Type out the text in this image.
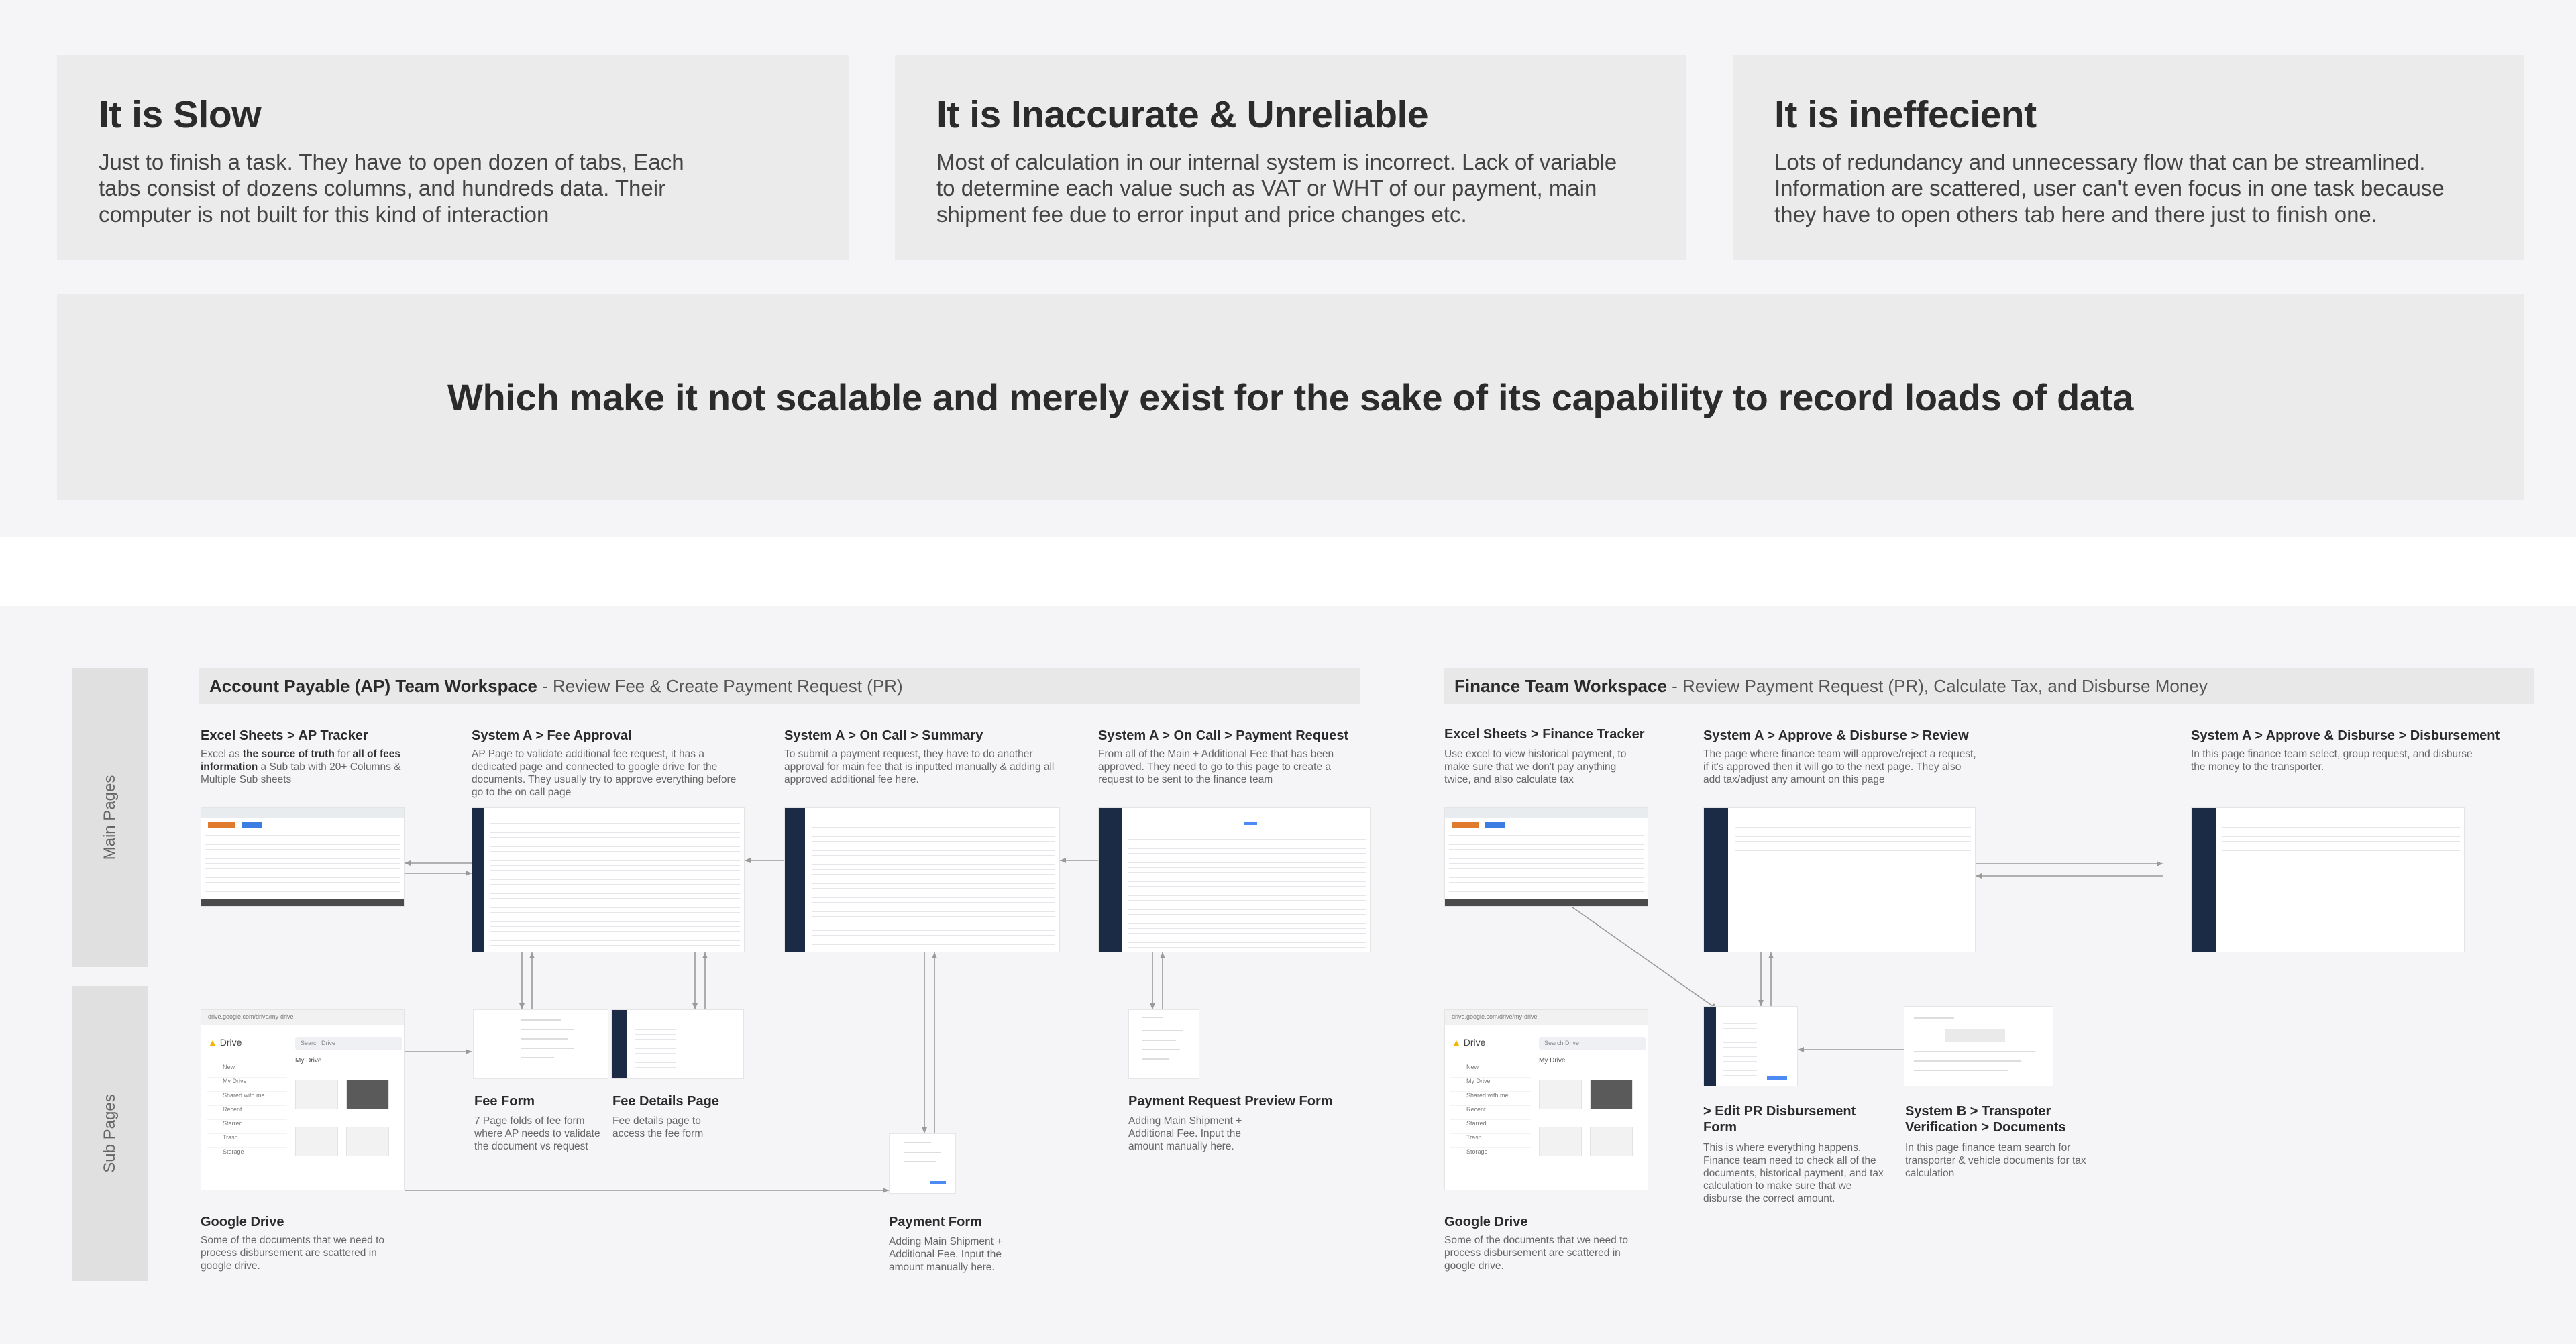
It is Slow
Just to finish a task. They have to open dozen of tabs, Each
tabs consist of dozens columns, and hundreds data. Their
computer is not built for this kind of interaction
It is Inaccurate & Unreliable
Most of calculation in our internal system is incorrect. Lack of variable
to determine each value such as VAT or WHT of our payment, main
shipment fee due to error input and price changes etc.
It is ineffecient
Lots of redundancy and unnecessary flow that can be streamlined.
Information are scattered, user can't even focus in one task because
they have to open others tab here and there just to finish one.
Which make it not scalable and merely exist for the sake of its capability to record loads of data
Main Pages
Sub Pages
Account Payable (AP) Team Workspace - Review Fee & Create Payment Request (PR)	Finance Team Workspace - Review Payment Request (PR), Calculate Tax, and Disburse Money
Excel Sheets > AP Tracker
Excel as the source of truth for all of fees information a Sub tab with 20+ Columns & Multiple Sub sheets
System A > Fee Approval
AP Page to validate additional fee request, it has a dedicated page and connected to google drive for the documents. They usually try to approve everything before go to the on call page
System A > On Call > Summary
To submit a payment request, they have to do another approval for main fee that is inputted manually & adding all approved additional fee here.
System A > On Call > Payment Request
From all of the Main + Additional Fee that has been approved. They need to go to this page to create a request to be sent to the finance team
drive.google.com/drive/my-drive
▲ Drive	Search Drive
New
My Drive
Shared with me
Recent
Starred
Trash
Storage
My Drive
Google Drive
Some of the documents that we need to process disbursement are scattered in google drive.
Fee Form
7 Page folds of fee form where AP needs to validate the document vs request
Fee Details Page
Fee details page to access the fee form
Payment Form
Adding Main Shipment + Additional Fee. Input the amount manually here.
Payment Request Preview Form
Adding Main Shipment + Additional Fee. Input the amount manually here.
Excel Sheets > Finance Tracker
Use excel to view historical payment, to make sure that we don't pay anything twice, and also calculate tax
System A > Approve & Disburse > Review
The page where finance team will approve/reject a request, if it's approved then it will go to the next page. They also add tax/adjust any amount on this page
System A > Approve & Disburse > Disbursement
In this page finance team select, group request, and disburse the money to the transporter.
drive.google.com/drive/my-drive
▲ Drive	Search Drive
New
My Drive
Shared with me
Recent
Starred
Trash
Storage
My Drive
Google Drive
Some of the documents that we need to process disbursement are scattered in google drive.
> Edit PR Disbursement Form
This is where everything happens. Finance team need to check all of the documents, historical payment, and tax calculation to make sure that we disburse the correct amount.
System B > Transpoter Verification > Documents
In this page finance team search for transporter & vehicle documents for tax calculation
